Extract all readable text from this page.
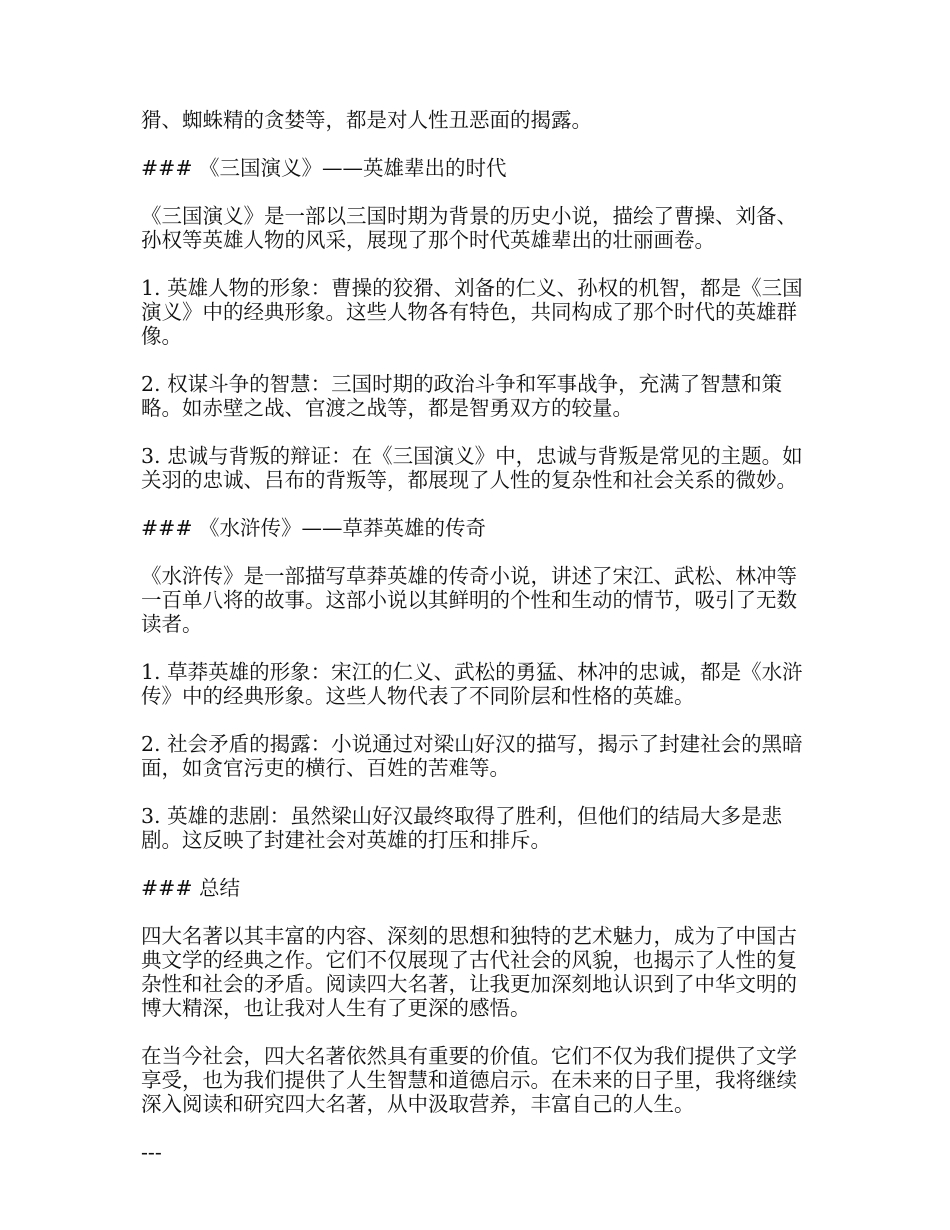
猾、蜘蛛精的贪婪等，都是对人性丑恶面的揭露。

### 《三国演义》——英雄辈出的时代

《三国演义》是一部以三国时期为背景的历史小说，描绘了曹操、刘备、孙权等英雄人物的风采，展现了那个时代英雄辈出的壮丽画卷。

1. 英雄人物的形象：曹操的狡猾、刘备的仁义、孙权的机智，都是《三国演义》中的经典形象。这些人物各有特色，共同构成了那个时代的英雄群像。

2. 权谋斗争的智慧：三国时期的政治斗争和军事战争，充满了智慧和策略。如赤壁之战、官渡之战等，都是智勇双方的较量。

3. 忠诚与背叛的辩证：在《三国演义》中，忠诚与背叛是常见的主题。如关羽的忠诚、吕布的背叛等，都展现了人性的复杂性和社会关系的微妙。

### 《水浒传》——草莽英雄的传奇

《水浒传》是一部描写草莽英雄的传奇小说，讲述了宋江、武松、林冲等一百单八将的故事。这部小说以其鲜明的个性和生动的情节，吸引了无数读者。

1. 草莽英雄的形象：宋江的仁义、武松的勇猛、林冲的忠诚，都是《水浒传》中的经典形象。这些人物代表了不同阶层和性格的英雄。

2. 社会矛盾的揭露：小说通过对梁山好汉的描写，揭示了封建社会的黑暗面，如贪官污吏的横行、百姓的苦难等。

3. 英雄的悲剧：虽然梁山好汉最终取得了胜利，但他们的结局大多是悲剧。这反映了封建社会对英雄的打压和排斥。

### 总结

四大名著以其丰富的内容、深刻的思想和独特的艺术魅力，成为了中国古典文学的经典之作。它们不仅展现了古代社会的风貌，也揭示了人性的复杂性和社会的矛盾。阅读四大名著，让我更加深刻地认识到了中华文明的博大精深，也让我对人生有了更深的感悟。

在当今社会，四大名著依然具有重要的价值。它们不仅为我们提供了文学享受，也为我们提供了人生智慧和道德启示。在未来的日子里，我将继续深入阅读和研究四大名著，从中汲取营养，丰富自己的人生。

---
